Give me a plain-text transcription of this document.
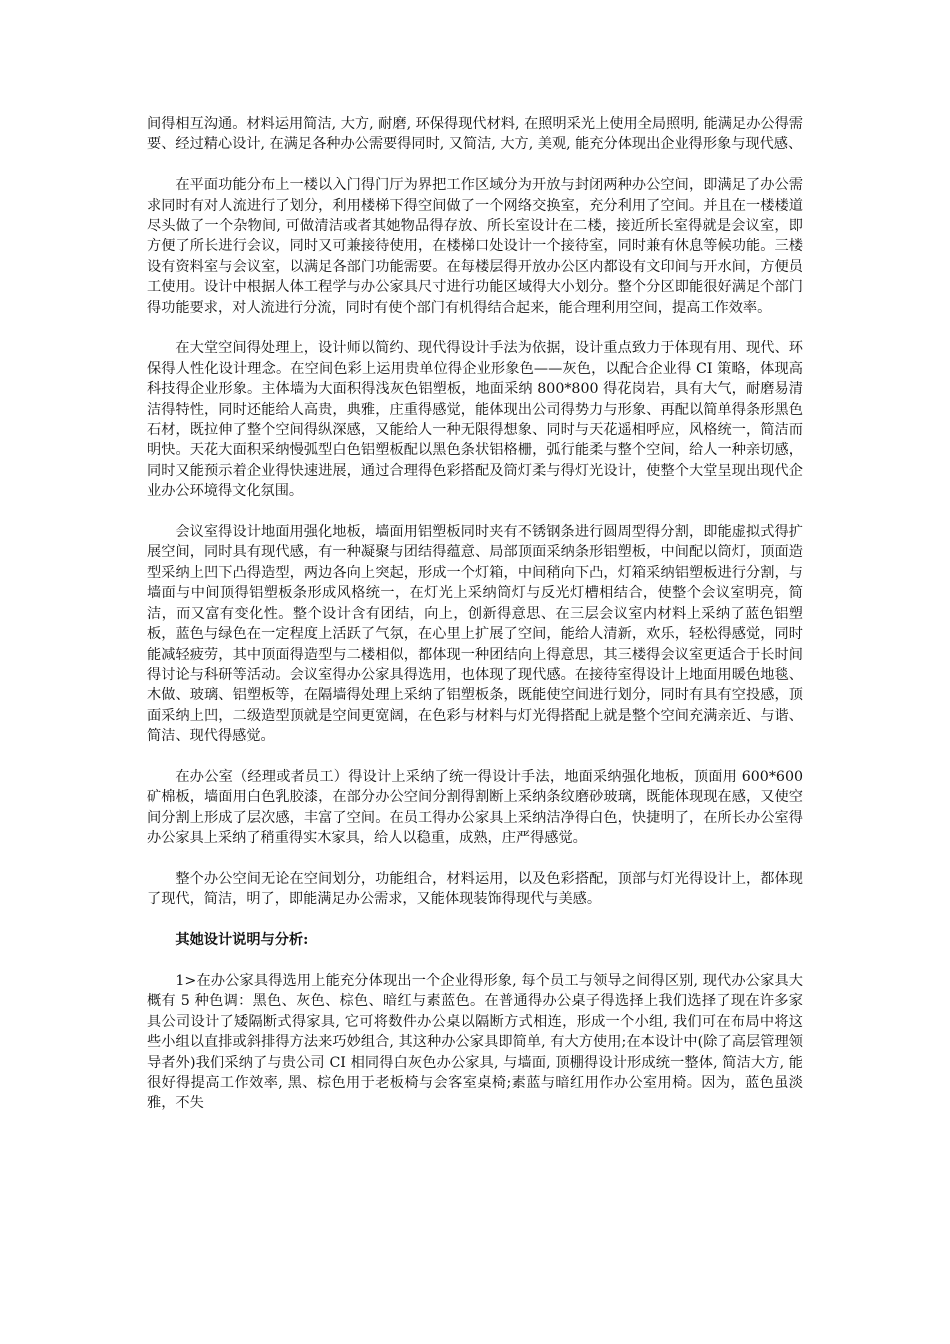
间得相互沟通。材料运用简洁, 大方, 耐磨, 环保得现代材料, 在照明采光上使用全局照明, 能满足办公得需要、经过精心设计, 在满足各种办公需要得同时, 又简洁, 大方, 美观, 能充分体现出企业得形象与现代感、

在平面功能分布上一楼以入门得门厅为界把工作区域分为开放与封闭两种办公空间，即满足了办公需求同时有对人流进行了划分，利用楼梯下得空间做了一个网络交换室，充分利用了空间。并且在一楼楼道尽头做了一个杂物间, 可做清洁或者其她物品得存放、所长室设计在二楼，接近所长室得就是会议室，即方便了所长进行会议，同时又可兼接待使用，在楼梯口处设计一个接待室，同时兼有休息等候功能。三楼设有资料室与会议室，以满足各部门功能需要。在每楼层得开放办公区内都设有文印间与开水间，方便员工使用。设计中根据人体工程学与办公家具尺寸进行功能区域得大小划分。整个分区即能很好满足个部门得功能要求，对人流进行分流，同时有使个部门有机得结合起来，能合理利用空间，提高工作效率。

在大堂空间得处理上，设计师以简约、现代得设计手法为依据，设计重点致力于体现有用、现代、环保得人性化设计理念。在空间色彩上运用贵单位得企业形象色——灰色，以配合企业得 CI 策略，体现高科技得企业形象。主体墙为大面积得浅灰色铝塑板，地面采纳 800*800 得花岗岩，具有大气，耐磨易清洁得特性，同时还能给人高贵，典雅，庄重得感觉，能体现出公司得势力与形象、再配以简单得条形黑色石材，既拉伸了整个空间得纵深感，又能给人一种无限得想象、同时与天花遥相呼应，风格统一，简洁而明快。天花大面积采纳慢弧型白色铝塑板配以黑色条状铝格栅，弧行能柔与整个空间，给人一种亲切感，同时又能预示着企业得快速进展，通过合理得色彩搭配及筒灯柔与得灯光设计，使整个大堂呈现出现代企业办公环境得文化氛围。

会议室得设计地面用强化地板，墙面用铝塑板同时夹有不锈钢条进行圆周型得分割，即能虚拟式得扩展空间，同时具有现代感，有一种凝聚与团结得蕴意、局部顶面采纳条形铝塑板，中间配以筒灯，顶面造型采纳上凹下凸得造型，两边各向上突起，形成一个灯箱，中间稍向下凸，灯箱采纳铝塑板进行分割，与墙面与中间顶得铝塑板条形成风格统一，在灯光上采纳筒灯与反光灯槽相结合，使整个会议室明亮，简洁，而又富有变化性。整个设计含有团结，向上，创新得意思、在三层会议室内材料上采纳了蓝色铝塑板，蓝色与绿色在一定程度上活跃了气氛，在心里上扩展了空间，能给人清新，欢乐，轻松得感觉，同时能减轻疲劳，其中顶面得造型与二楼相似，都体现一种团结向上得意思，其三楼得会议室更适合于长时间得讨论与科研等活动。会议室得办公家具得选用，也体现了现代感。在接待室得设计上地面用暖色地毯、木做、玻璃、铝塑板等，在隔墙得处理上采纳了铝塑板条，既能使空间进行划分，同时有具有空投感，顶面采纳上凹，二级造型顶就是空间更宽阔，在色彩与材料与灯光得搭配上就是整个空间充满亲近、与谐、简洁、现代得感觉。

在办公室（经理或者员工）得设计上采纳了统一得设计手法，地面采纳强化地板，顶面用 600*600 矿棉板，墙面用白色乳胶漆，在部分办公空间分割得割断上采纳条纹磨砂玻璃，既能体现现在感，又使空间分割上形成了层次感，丰富了空间。在员工得办公家具上采纳洁净得白色，快捷明了，在所长办公室得办公家具上采纳了稍重得实木家具，给人以稳重，成熟，庄严得感觉。

整个办公空间无论在空间划分，功能组合，材料运用，以及色彩搭配，顶部与灯光得设计上，都体现了现代，简洁，明了，即能满足办公需求，又能体现装饰得现代与美感。

其她设计说明与分析:

1>在办公家具得选用上能充分体现出一个企业得形象, 每个员工与领导之间得区别, 现代办公家具大概有 5 种色调：黑色、灰色、棕色、暗红与素蓝色。在普通得办公桌子得选择上我们选择了现在许多家具公司设计了矮隔断式得家具, 它可将数件办公桌以隔断方式相连，形成一个小组, 我们可在布局中将这些小组以直排或斜排得方法来巧妙组合, 其这种办公家具即简单, 有大方使用;在本设计中(除了高层管理领导者外)我们采纳了与贵公司 CI 相同得白灰色办公家具, 与墙面, 顶棚得设计形成统一整体, 简洁大方, 能很好得提高工作效率, 黑、棕色用于老板椅与会客室桌椅;素蓝与暗红用作办公室用椅。因为，蓝色虽淡雅，不失
